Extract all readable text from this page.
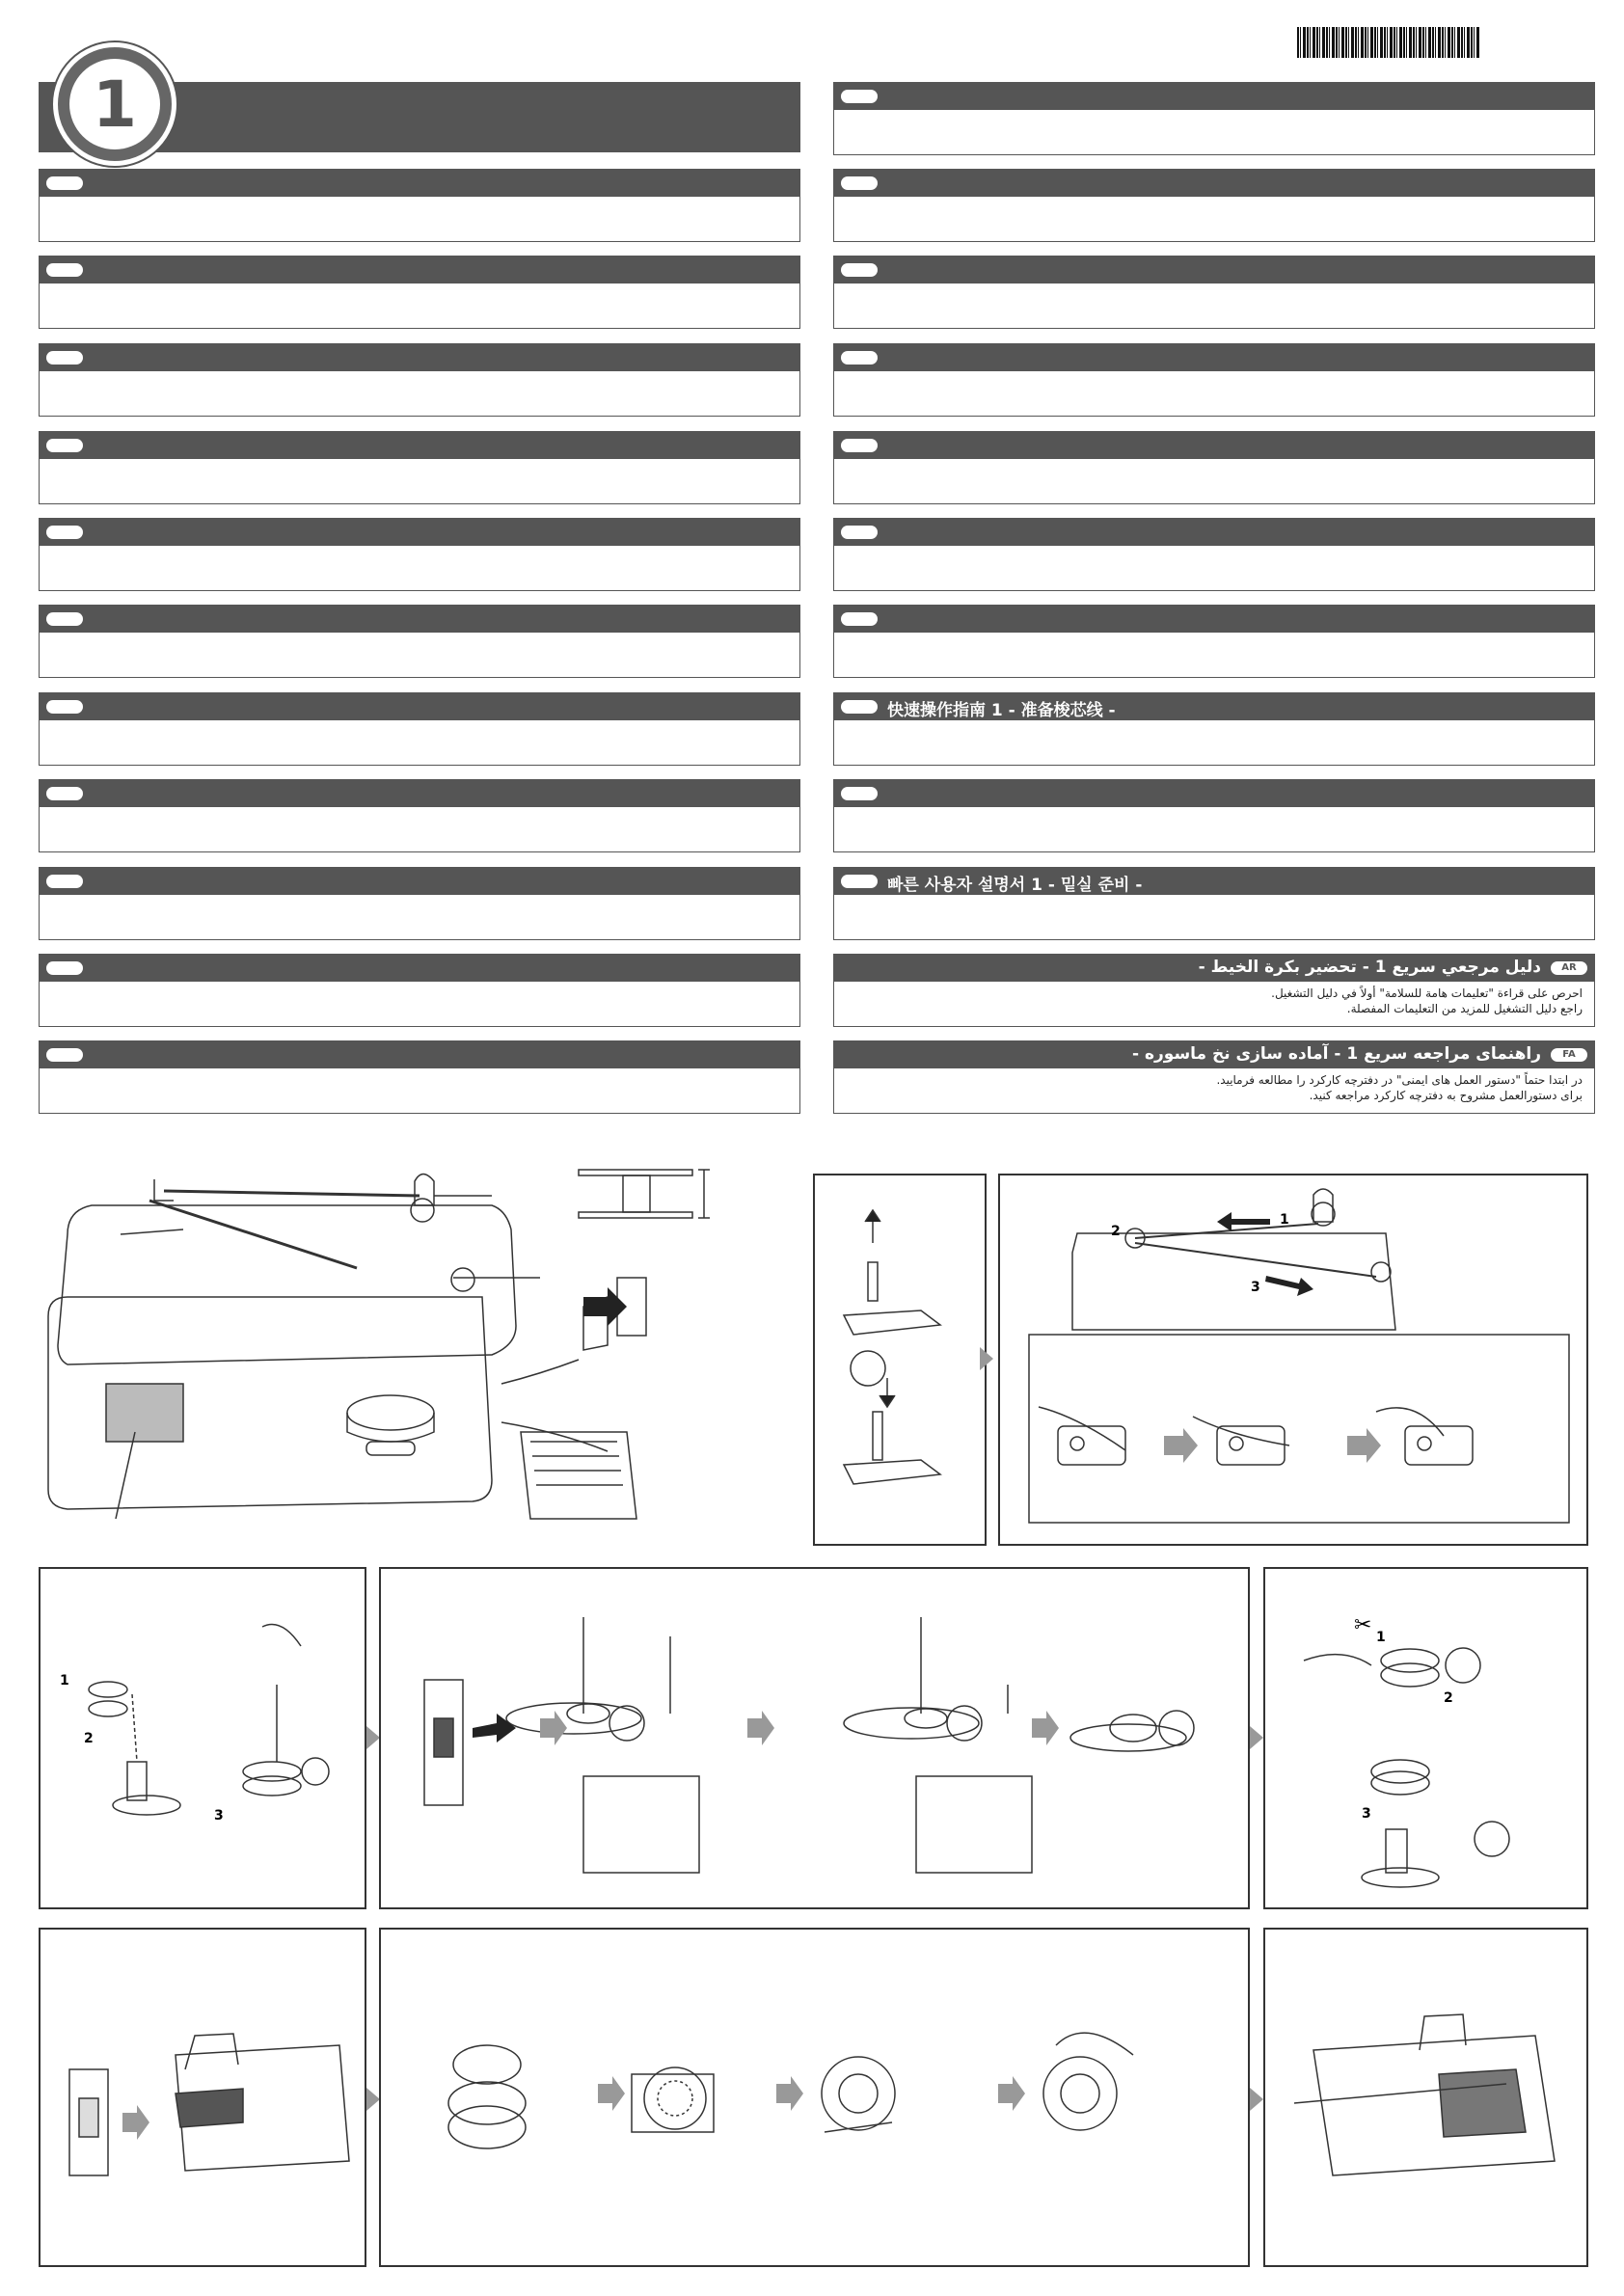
1
快速操作指南 1 - 准备梭芯线 -
빠른 사용자 설명서 1 - 밑실 준비 -
AR
دليل مرجعي سريع 1 - تحضير بكرة الخيط -
احرص على قراءة "تعليمات هامة للسلامة" أولاً في دليل التشغيل.
راجع دليل التشغيل للمزيد من التعليمات المفصلة.
FA
راهنمای مراجعه سریع 1 - آماده سازی نخ ماسوره -
در ابتدا حتماً "دستور العمل های ایمنی" در دفترچه کارکرد را مطالعه فرمایید.
برای دستورالعمل مشروح به دفترچه کارکرد مراجعه کنید.
2
1
3
1
2
3
✂ 1
2
3
